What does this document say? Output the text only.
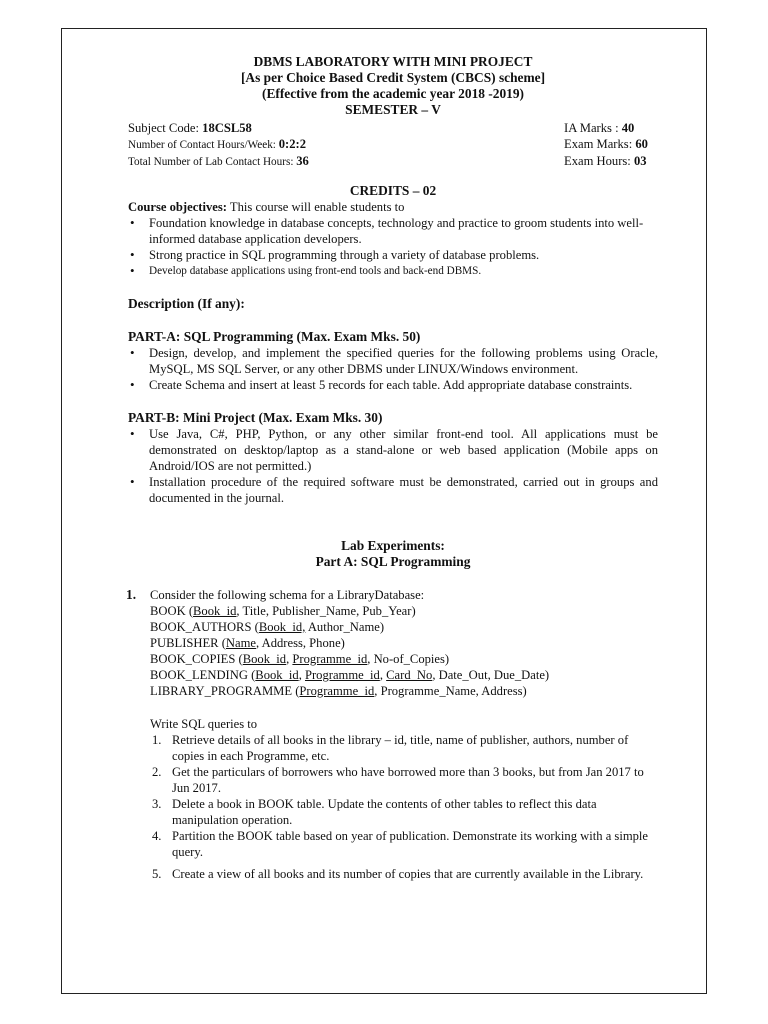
DBMS LABORATORY WITH MINI PROJECT
[As per Choice Based Credit System (CBCS) scheme]
(Effective from the academic year 2018 -2019)
SEMESTER – V
Subject Code: 18CSL58	IA Marks : 40
Number of Contact Hours/Week: 0:2:2	Exam Marks: 60
Total Number of Lab Contact Hours: 36	Exam Hours: 03
CREDITS – 02
Course objectives: This course will enable students to
• Foundation knowledge in database concepts, technology and practice to groom students into well-informed database application developers.
• Strong practice in SQL programming through a variety of database problems.
• Develop database applications using front-end tools and back-end DBMS.
Description (If any):
PART-A: SQL Programming (Max. Exam Mks. 50)
• Design, develop, and implement the specified queries for the following problems using Oracle, MySQL, MS SQL Server, or any other DBMS under LINUX/Windows environment.
• Create Schema and insert at least 5 records for each table. Add appropriate database constraints.
PART-B: Mini Project (Max. Exam Mks. 30)
• Use Java, C#, PHP, Python, or any other similar front-end tool. All applications must be demonstrated on desktop/laptop as a stand-alone or web based application (Mobile apps on Android/IOS are not permitted.)
• Installation procedure of the required software must be demonstrated, carried out in groups and documented in the journal.
Lab Experiments:
Part A: SQL Programming
1. Consider the following schema for a LibraryDatabase:
BOOK (Book_id, Title, Publisher_Name, Pub_Year)
BOOK_AUTHORS (Book_id, Author_Name)
PUBLISHER (Name, Address, Phone)
BOOK_COPIES (Book_id, Programme_id, No-of_Copies)
BOOK_LENDING (Book_id, Programme_id, Card_No, Date_Out, Due_Date)
LIBRARY_PROGRAMME (Programme_id, Programme_Name, Address)
Write SQL queries to
1. Retrieve details of all books in the library – id, title, name of publisher, authors, number of copies in each Programme, etc.
2. Get the particulars of borrowers who have borrowed more than 3 books, but from Jan 2017 to Jun 2017.
3. Delete a book in BOOK table. Update the contents of other tables to reflect this data manipulation operation.
4. Partition the BOOK table based on year of publication. Demonstrate its working with a simple query.
5. Create a view of all books and its number of copies that are currently available in the Library.
